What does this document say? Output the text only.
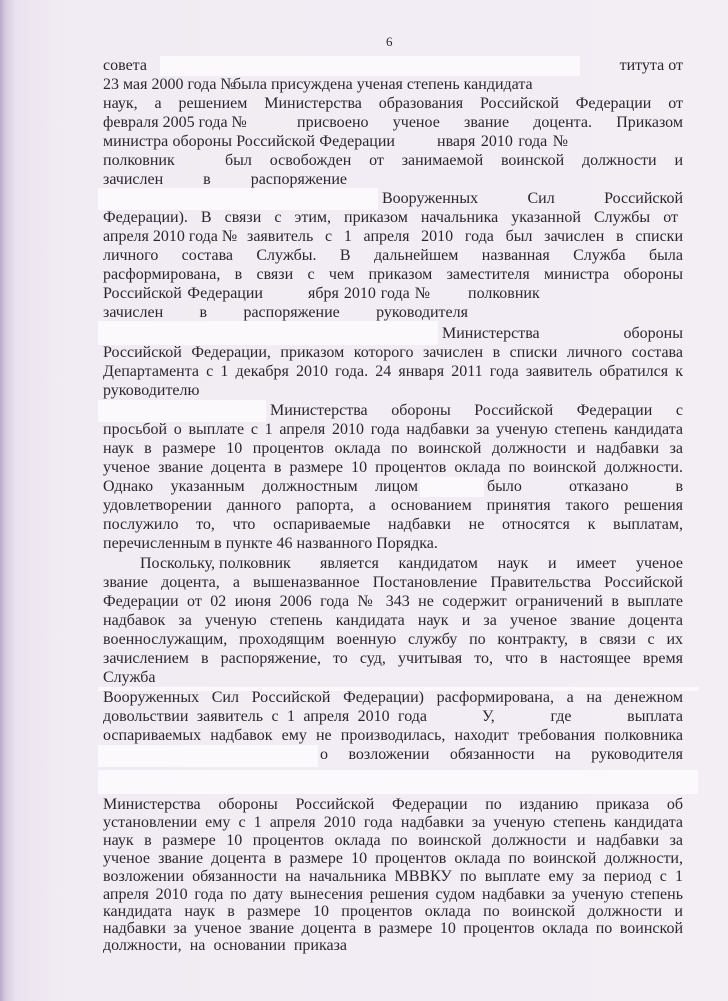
6
совета	титута от
23 мая 2000 года №
была присуждена ученая степень кандидата
наук, а решением Министерства образования Российской Федерации от
февраля 2005 года №	присвоено ученое звание доцента. Приказом
министра обороны Российской Федерации	нваря 2010 года №
полковник	был освобожден от занимаемой воинской должности и
зачислен в распоряжение
Вооруженных Сил Российской
Федерации). В связи с этим, приказом начальника указанной Службы от
апреля 2010 года № заявитель с 1 апреля 2010 года был зачислен в списки
личного состава Службы. В дальнейшем названная Служба была
расформирована, в связи с чем приказом заместителя министра обороны
Российской Федерации	ября 2010 года № полковник
зачислен в распоряжение руководителя
Министерства обороны
Российской Федерации, приказом которого зачислен в списки личного состава
Департамента с 1 декабря 2010 года. 24 января 2011 года заявитель обратился к
руководителю
Министерства обороны Российской Федерации с
просьбой о выплате с 1 апреля 2010 года надбавки за ученую степень кандидата
наук в размере 10 процентов оклада по воинской должности и надбавки за
ученое звание доцента в размере 10 процентов оклада по воинской должности.
Однако указанным должностным лицом	было отказано в
удовлетворении данного рапорта, а основанием принятия такого решения
послужило то, что оспариваемые надбавки не относятся к выплатам,
перечисленным в пункте 46 названного Порядка.
Поскольку, полковник является кандидатом наук и имеет ученое
звание доцента, а вышеназванное Постановление Правительства Российской
Федерации от 02 июня 2006 года № 343 не содержит ограничений в выплате
надбавок за ученую степень кандидата наук и за ученое звание доцента
военнослужащим, проходящим военную службу по контракту, в связи с их
зачислением в распоряжение, то суд, учитывая то, что в настоящее время
Служба
Вооруженных Сил Российской Федерации) расформирована, а на денежном
довольствии заявитель с 1 апреля 2010 года	У, где выплата
оспариваемых надбавок ему не производилась, находит требования полковника
о возложении обязанности на руководителя
Министерства обороны Российской Федерации по изданию приказа об
установлении ему с 1 апреля 2010 года надбавки за ученую степень кандидата
наук в размере 10 процентов оклада по воинской должности и надбавки за
ученое звание доцента в размере 10 процентов оклада по воинской должности,
возложении обязанности на начальника МВВКУ по выплате ему за период с 1
апреля 2010 года по дату вынесения решения судом надбавки за ученую степень
кандидата наук в размере 10 процентов оклада по воинской должности и
надбавки за ученое звание доцента в размере 10 процентов оклада по воинской
должности, на основании приказа
